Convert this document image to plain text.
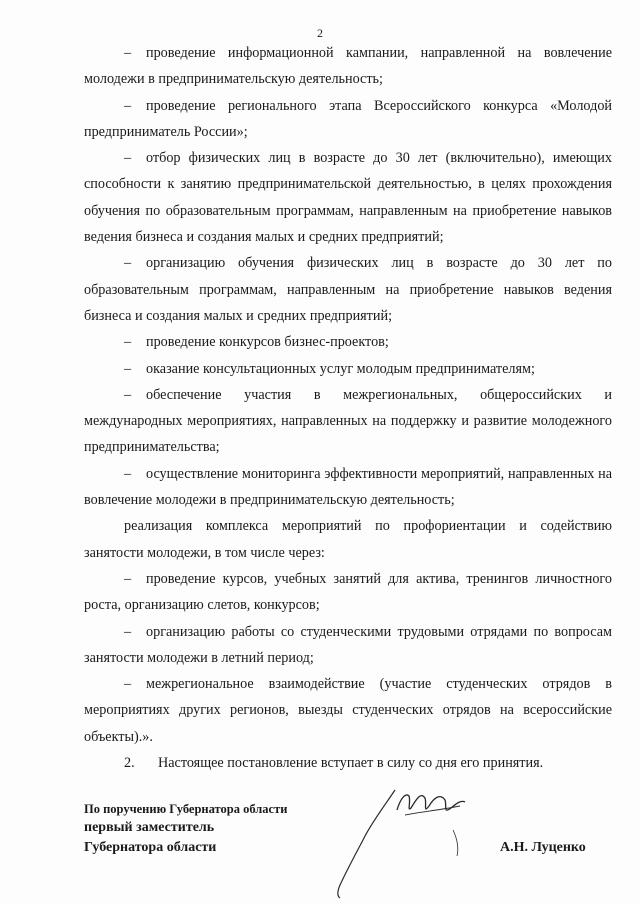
2

– проведение информационной кампании, направленной на вовлечение молодежи в предпринимательскую деятельность;

– проведение регионального этапа Всероссийского конкурса «Молодой предприниматель России»;

– отбор физических лиц в возрасте до 30 лет (включительно), имеющих способности к занятию предпринимательской деятельностью, в целях прохождения обучения по образовательным программам, направленным на приобретение навыков ведения бизнеса и создания малых и средних предприятий;

– организацию обучения физических лиц в возрасте до 30 лет по образовательным программам, направленным на приобретение навыков ведения бизнеса и создания малых и средних предприятий;

– проведение конкурсов бизнес-проектов;

– оказание консультационных услуг молодым предпринимателям;

– обеспечение участия в межрегиональных, общероссийских и международных мероприятиях, направленных на поддержку и развитие молодежного предпринимательства;

– осуществление мониторинга эффективности мероприятий, направленных на вовлечение молодежи в предпринимательскую деятельность;

реализация комплекса мероприятий по профориентации и содействию занятости молодежи, в том числе через:

– проведение курсов, учебных занятий для актива, тренингов личностного роста, организацию слетов, конкурсов;

– организацию работы со студенческими трудовыми отрядами по вопросам занятости молодежи в летний период;

– межрегиональное взаимодействие (участие студенческих отрядов в мероприятиях других регионов, выезды студенческих отрядов на всероссийские объекты).».

2. Настоящее постановление вступает в силу со дня его принятия.

По поручению Губернатора области
первый заместитель
Губернатора области	А.Н. Луценко
